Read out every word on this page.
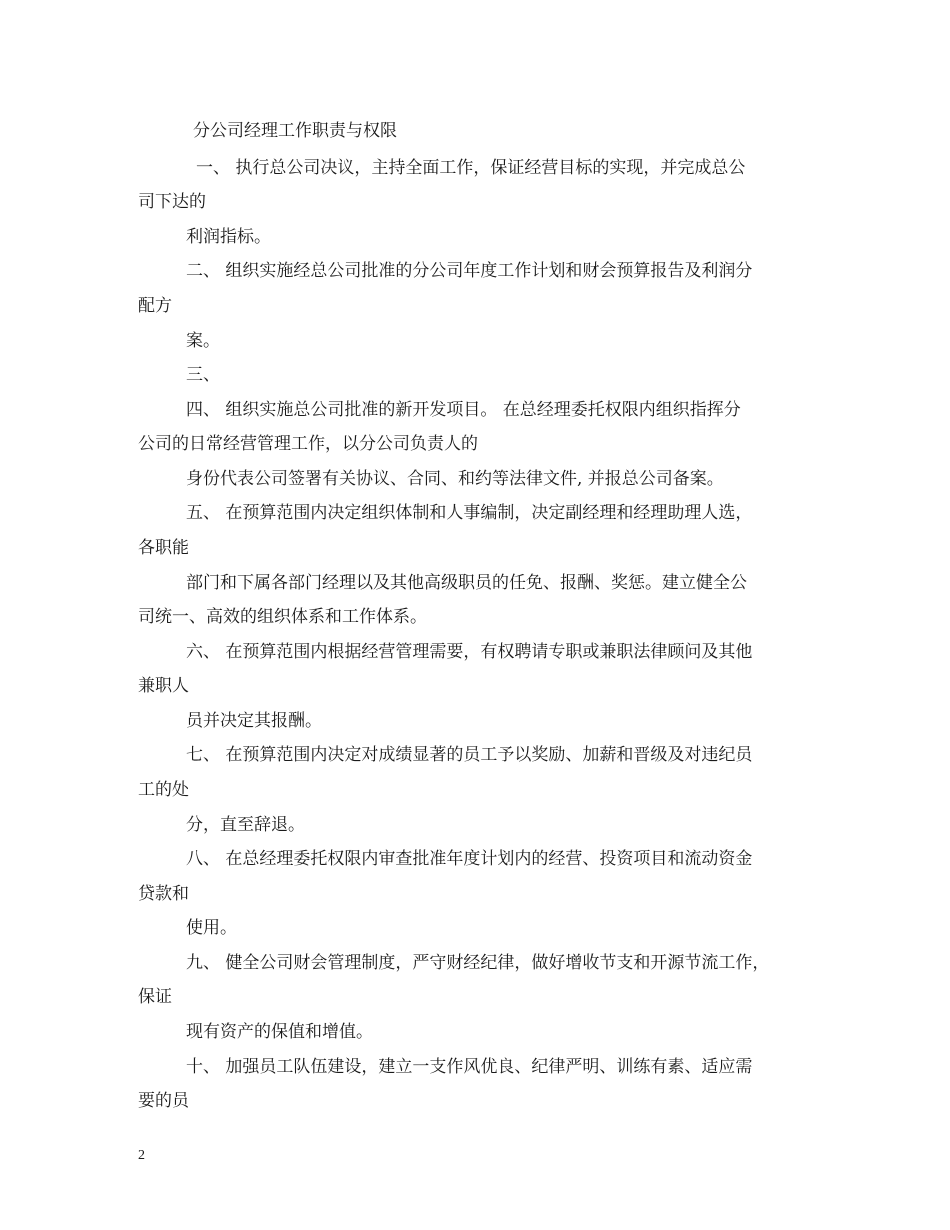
分公司经理工作职责与权限
一、 执行总公司决议，主持全面工作，保证经营目标的实现，并完成总公
司下达的
利润指标。
二、 组织实施经总公司批准的分公司年度工作计划和财会预算报告及利润分
配方
案。
三、
四、 组织实施总公司批准的新开发项目。 在总经理委托权限内组织指挥分
公司的日常经营管理工作，以分公司负责人的
身份代表公司签署有关协议、合同、和约等法律文件, 并报总公司备案。
五、 在预算范围内决定组织体制和人事编制，决定副经理和经理助理人选，
各职能
部门和下属各部门经理以及其他高级职员的任免、报酬、奖惩。建立健全公
司统一、高效的组织体系和工作体系。
六、 在预算范围内根据经营管理需要，有权聘请专职或兼职法律顾问及其他
兼职人
员并决定其报酬。
七、 在预算范围内决定对成绩显著的员工予以奖励、加薪和晋级及对违纪员
工的处
分，直至辞退。
八、 在总经理委托权限内审查批准年度计划内的经营、投资项目和流动资金
贷款和
使用。
九、 健全公司财会管理制度，严守财经纪律，做好增收节支和开源节流工作，
保证
现有资产的保值和增值。
十、 加强员工队伍建设，建立一支作风优良、纪律严明、训练有素、适应需
要的员
2
